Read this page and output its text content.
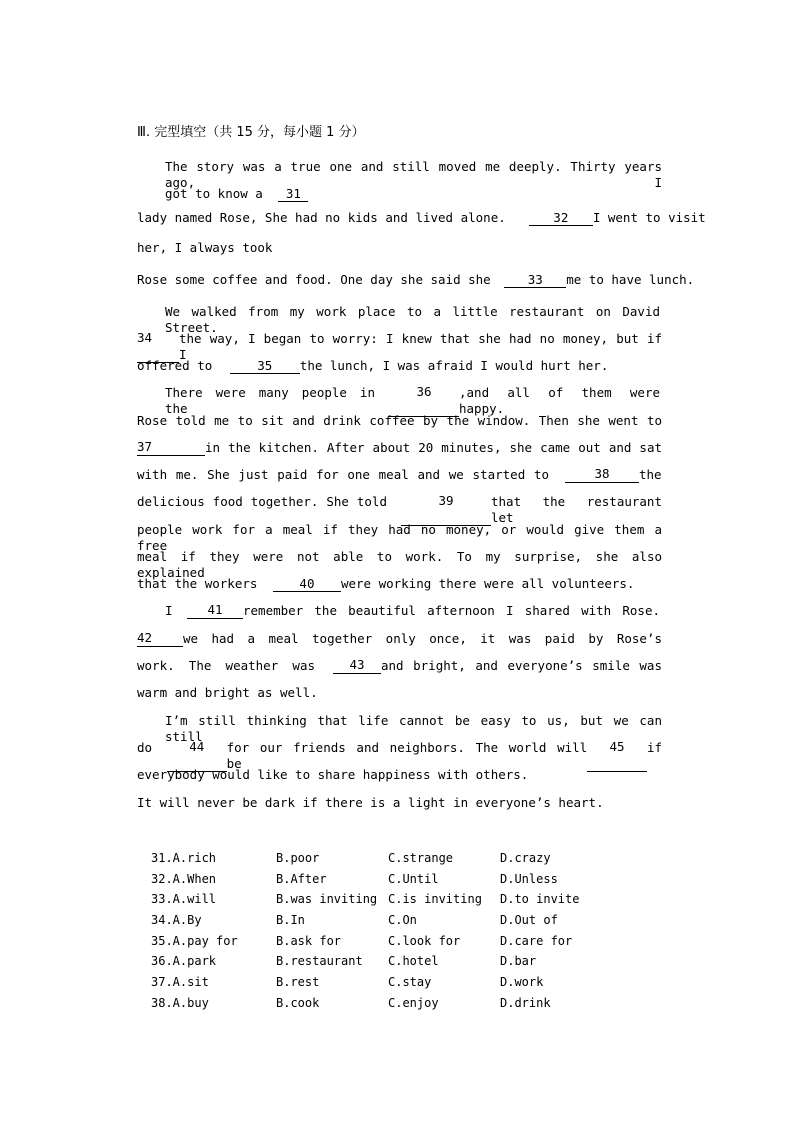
Ⅲ. 完型填空（共 15 分，每小题 1 分）
The story was a true one and still moved me deeply. Thirty years ago, I
got to know a 31
lady named Rose, She had no kids and lived alone.	32 I went to visit
her, I always took
Rose some coffee and food. One day she said she	33 me to have lunch.
We walked from my work place to a little restaurant on David Street.
34	the way, I began to worry: I knew that she had no money, but if I
offered to	35 the lunch, I was afraid I would hurt her.
There were many people in the
36	,and all of them were happy.
Rose told me to sit and drink coffee by the window. Then she went to
37	in the kitchen. After about 20 minutes, she came out and sat
with me. She just paid for one meal and we started to	38	the
delicious food together. She told	39	that the restaurant let
people work for a meal if they had no money, or would give them a free
meal if they were not able to work. To my surprise, she also explained
that the workers	40 were working there were all volunteers.
I	41	remember the beautiful afternoon I shared with Rose.
42	we had a meal together only once, it was paid by Rose’s
work. The weather was	43	and bright, and everyone’s smile was
warm and bright as well.
I’m still thinking that life cannot be easy to us, but we can still
do	44	for our friends and neighbors. The world will be
45	if
everybody would like to share happiness with others.
It will never be dark if there is a light in everyone’s heart.
31.A.rich	B.poor	C.strange	D.crazy
32.A.When	B.After	C.Until	D.Unless
33.A.will	B.was inviting C.is inviting D.to invite
34.A.By	B.In	C.On	D.Out of
35.A.pay for	B.ask for	C.look for	D.care for
36.A.park	B.restaurant C.hotel	D.bar
37.A.sit	B.rest	C.stay	D.work
38.A.buy	B.cook	C.enjoy	D.drink
